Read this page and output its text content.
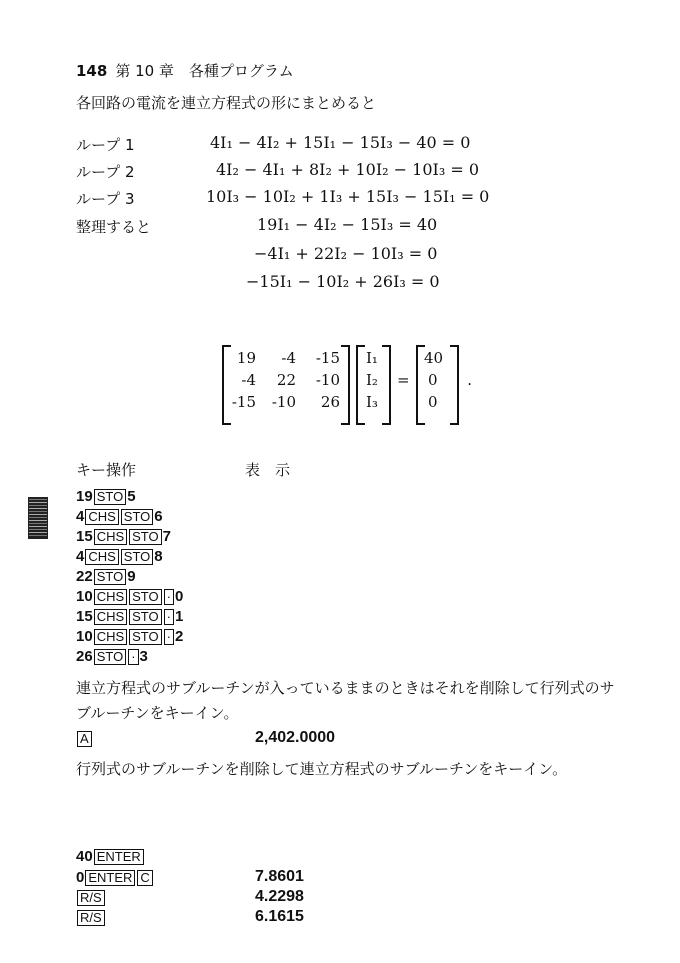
148 第 10 章　各種プログラム
各回路の電流を連立方程式の形にまとめると
ループ 1	4I₁ − 4I₂ + 15I₁ − 15I₃ − 40 = 0
ループ 2	4I₂ − 4I₁ + 8I₂ + 10I₂ − 10I₃ = 0
ループ 3	10I₃ − 10I₂ + 1I₃ + 15I₃ − 15I₁ = 0
整理すると	19I₁ − 4I₂ − 15I₃ = 40
−4I₁ + 22I₂ − 10I₃ = 0
−15I₁ − 10I₂ + 26I₃ = 0
19	-4	-15
-4	22	-10
-15	-10	26
I₁
I₂
I₃
=
40
0
0
.
キー操作	表　示
19 STO 5
4 CHS STO 6
15 CHS STO 7
4 CHS STO 8
22 STO 9
10 CHS STO · 0
15 CHS STO · 1
10 CHS STO · 2
26 STO · 3
連立方程式のサブルーチンが入っているままのときはそれを削除して行列式のサブルーチンをキーイン。
A	2,402.0000
行列式のサブルーチンを削除して連立方程式のサブルーチンをキーイン。
40 ENTER
0 ENTER C	7.8601
R/S	4.2298
R/S	6.1615
